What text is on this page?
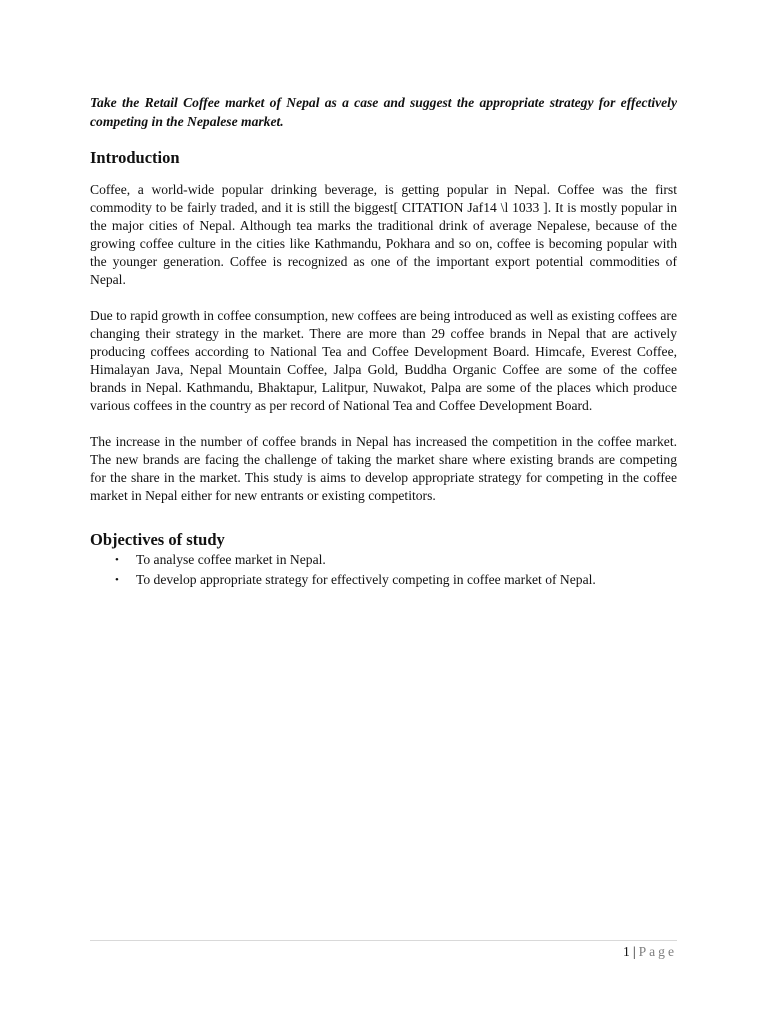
Take the Retail Coffee market of Nepal as a case and suggest the appropriate strategy for effectively competing in the Nepalese market.

Introduction

Coffee, a world-wide popular drinking beverage, is getting popular in Nepal. Coffee was the first commodity to be fairly traded, and it is still the biggest[ CITATION Jaf14 \l 1033 ]. It is mostly popular in the major cities of Nepal. Although tea marks the traditional drink of average Nepalese, because of the growing coffee culture in the cities like Kathmandu, Pokhara and so on, coffee is becoming popular with the younger generation. Coffee is recognized as one of the important export potential commodities of Nepal.

Due to rapid growth in coffee consumption, new coffees are being introduced as well as existing coffees are changing their strategy in the market. There are more than 29 coffee brands in Nepal that are actively producing coffees according to National Tea and Coffee Development Board. Himcafe, Everest Coffee, Himalayan Java, Nepal Mountain Coffee, Jalpa Gold, Buddha Organic Coffee are some of the coffee brands in Nepal. Kathmandu, Bhaktapur, Lalitpur, Nuwakot, Palpa are some of the places which produce various coffees in the country as per record of National Tea and Coffee Development Board.

The increase in the number of coffee brands in Nepal has increased the competition in the coffee market. The new brands are facing the challenge of taking the market share where existing brands are competing for the share in the market. This study is aims to develop appropriate strategy for competing in the coffee market in Nepal either for new entrants or existing competitors.

Objectives of study
• To analyse coffee market in Nepal.
• To develop appropriate strategy for effectively competing in coffee market of Nepal.
1 | Page
